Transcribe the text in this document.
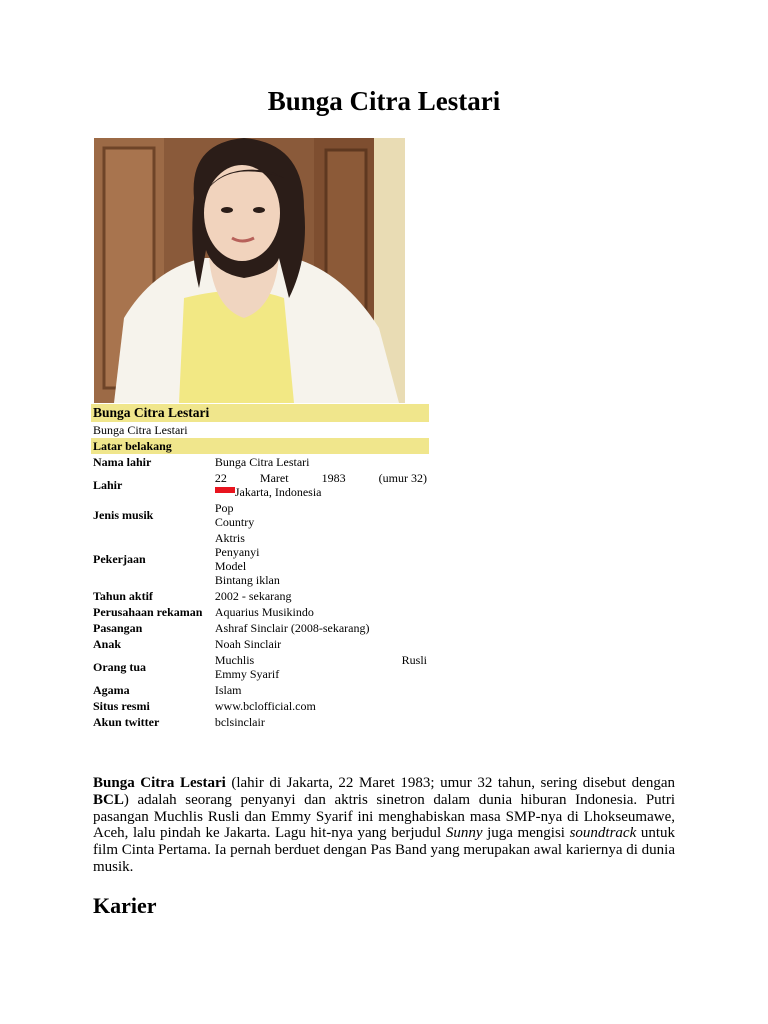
Bunga Citra Lestari
Bunga Citra Lestari	
Bunga Citra Lestari	
Latar belakang	
Nama lahir	Bunga Citra Lestari
Lahir	22 Maret 1983 (umur 32)
Jakarta, Indonesia

Jenis musik	Pop
Country

Pekerjaan	Aktris
Penyanyi
Model
Bintang iklan

Tahun aktif	2002 - sekarang
Perusahaan rekaman	Aquarius Musikindo
Pasangan	Ashraf Sinclair (2008-sekarang)
Anak	Noah Sinclair
Orang tua	Muchlis Rusli
Emmy Syarif

Agama	Islam
Situs resmi	www.bclofficial.com
Akun twitter	bclsinclair

Bunga Citra Lestari (lahir di Jakarta, 22 Maret 1983; umur 32 tahun, sering disebut dengan BCL) adalah seorang penyanyi dan aktris sinetron dalam dunia hiburan Indonesia. Putri pasangan Muchlis Rusli dan Emmy Syarif ini menghabiskan masa SMP-nya di Lhokseumawe, Aceh, lalu pindah ke Jakarta. Lagu hit-nya yang berjudul Sunny juga mengisi soundtrack untuk film Cinta Pertama. Ia pernah berduet dengan Pas Band yang merupakan awal kariernya di dunia musik.

Karier
